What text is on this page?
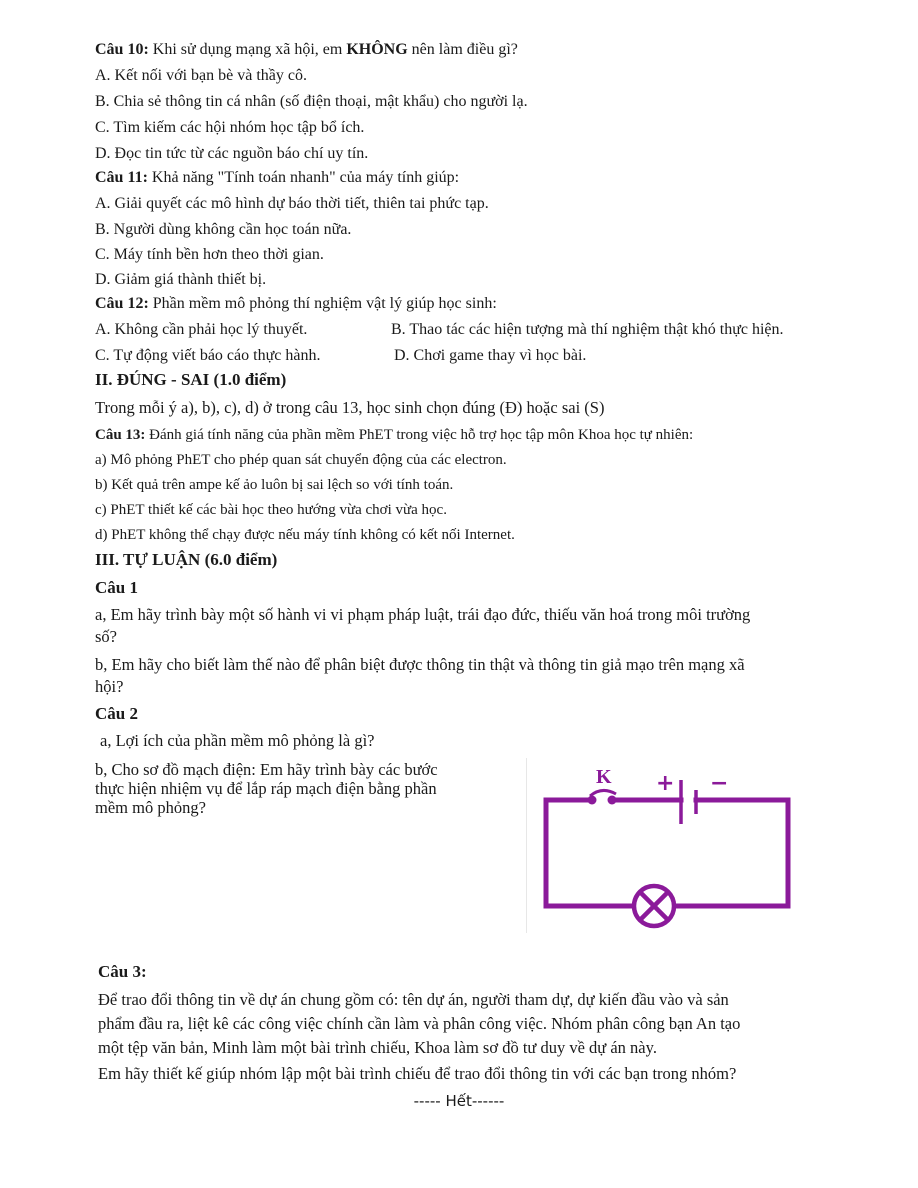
Câu 10: Khi sử dụng mạng xã hội, em KHÔNG nên làm điều gì?
A. Kết nối với bạn bè và thầy cô.
B. Chia sẻ thông tin cá nhân (số điện thoại, mật khẩu) cho người lạ.
C. Tìm kiếm các hội nhóm học tập bổ ích.
D. Đọc tin tức từ các nguồn báo chí uy tín.
Câu 11: Khả năng "Tính toán nhanh" của máy tính giúp:
A. Giải quyết các mô hình dự báo thời tiết, thiên tai phức tạp.
B. Người dùng không cần học toán nữa.
C. Máy tính bền hơn theo thời gian.
D. Giảm giá thành thiết bị.
Câu 12: Phần mềm mô phỏng thí nghiệm vật lý giúp học sinh:
A. Không cần phải học lý thuyết.	B. Thao tác các hiện tượng mà thí nghiệm thật khó thực hiện.
C. Tự động viết báo cáo thực hành.	D. Chơi game thay vì học bài.
II. ĐÚNG - SAI (1.0 điểm)
Trong mỗi ý a), b), c), d) ở trong câu 13, học sinh chọn đúng (Đ) hoặc sai (S)
Câu 13: Đánh giá tính năng của phần mềm PhET trong việc hỗ trợ học tập môn Khoa học tự nhiên:
a) Mô phỏng PhET cho phép quan sát chuyển động của các electron.
b) Kết quả trên ampe kế ảo luôn bị sai lệch so với tính toán.
c) PhET thiết kế các bài học theo hướng vừa chơi vừa học.
d) PhET không thể chạy được nếu máy tính không có kết nối Internet.
III. TỰ LUẬN (6.0 điểm)
Câu 1
a, Em hãy trình bày một số hành vi vi phạm pháp luật, trái đạo đức, thiếu văn hoá trong môi trường
số?
b, Em hãy cho biết làm thế nào để phân biệt được thông tin thật và thông tin giả mạo trên mạng xã
hội?
Câu 2
a, Lợi ích của phần mềm mô phỏng là gì?
b, Cho sơ đồ mạch điện: Em hãy trình bày các bước
thực hiện nhiệm vụ để lắp ráp mạch điện bằng phần
mềm mô phỏng?
K + −
Câu 3:
Để trao đổi thông tin về dự án chung gồm có: tên dự án, người tham dự, dự kiến đầu vào và sản
phẩm đầu ra, liệt kê các công việc chính cần làm và phân công việc. Nhóm phân công bạn An tạo
một tệp văn bản, Minh làm một bài trình chiếu, Khoa làm sơ đồ tư duy về dự án này.
Em hãy thiết kế giúp nhóm lập một bài trình chiếu để trao đổi thông tin với các bạn trong nhóm?
----- Hết------
